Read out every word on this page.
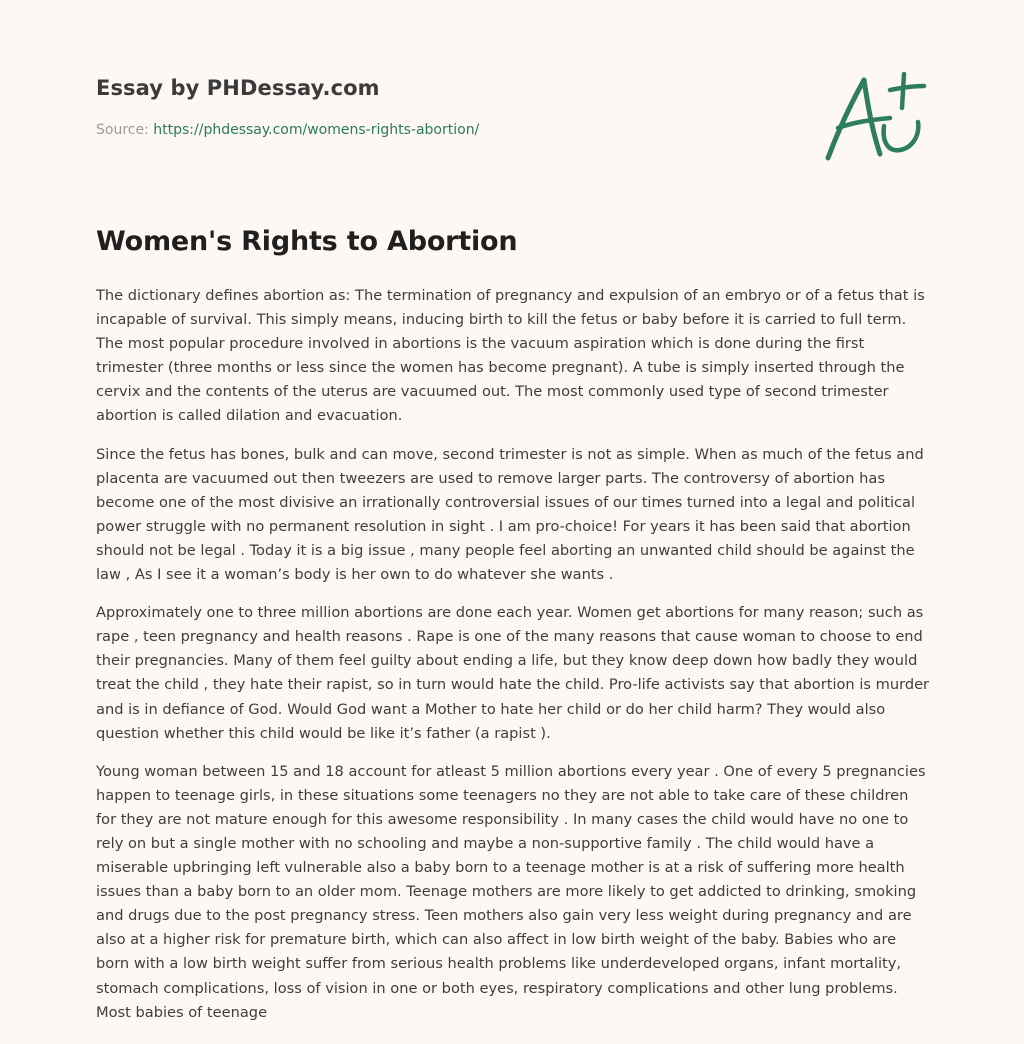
Essay by PHDessay.com
Source: https://phdessay.com/womens-rights-abortion/
Women's Rights to Abortion

The dictionary defines abortion as: The termination of pregnancy and expulsion of an embryo or of a fetus that is incapable of survival. This simply means, inducing birth to kill the fetus or baby before it is carried to full term. The most popular procedure involved in abortions is the vacuum aspiration which is done during the first trimester (three months or less since the women has become pregnant). A tube is simply inserted through the cervix and the contents of the uterus are vacuumed out. The most commonly used type of second trimester abortion is called dilation and evacuation.

Since the fetus has bones, bulk and can move, second trimester is not as simple. When as much of the fetus and placenta are vacuumed out then tweezers are used to remove larger parts. The controversy of abortion has become one of the most divisive an irrationally controversial issues of our times turned into a legal and political power struggle with no permanent resolution in sight . I am pro-choice! For years it has been said that abortion should not be legal . Today it is a big issue , many people feel aborting an unwanted child should be against the law , As I see it a woman’s body is her own to do whatever she wants .

Approximately one to three million abortions are done each year. Women get abortions for many reason; such as rape , teen pregnancy and health reasons . Rape is one of the many reasons that cause woman to choose to end their pregnancies. Many of them feel guilty about ending a life, but they know deep down how badly they would treat the child , they hate their rapist, so in turn would hate the child. Pro-life activists say that abortion is murder and is in defiance of God. Would God want a Mother to hate her child or do her child harm? They would also question whether this child would be like it’s father (a rapist ).

Young woman between 15 and 18 account for atleast 5 million abortions every year . One of every 5 pregnancies happen to teenage girls, in these situations some teenagers no they are not able to take care of these children for they are not mature enough for this awesome responsibility . In many cases the child would have no one to rely on but a single mother with no schooling and maybe a non-supportive family . The child would have a miserable upbringing left vulnerable also a baby born to a teenage mother is at a risk of suffering more health issues than a baby born to an older mom. Teenage mothers are more likely to get addicted to drinking, smoking and drugs due to the post pregnancy stress. Teen mothers also gain very less weight during pregnancy and are also at a higher risk for premature birth, which can also affect in low birth weight of the baby. Babies who are born with a low birth weight suffer from serious health problems like underdeveloped organs, infant mortality, stomach complications, loss of vision in one or both eyes, respiratory complications and other lung problems. Most babies of teenage
